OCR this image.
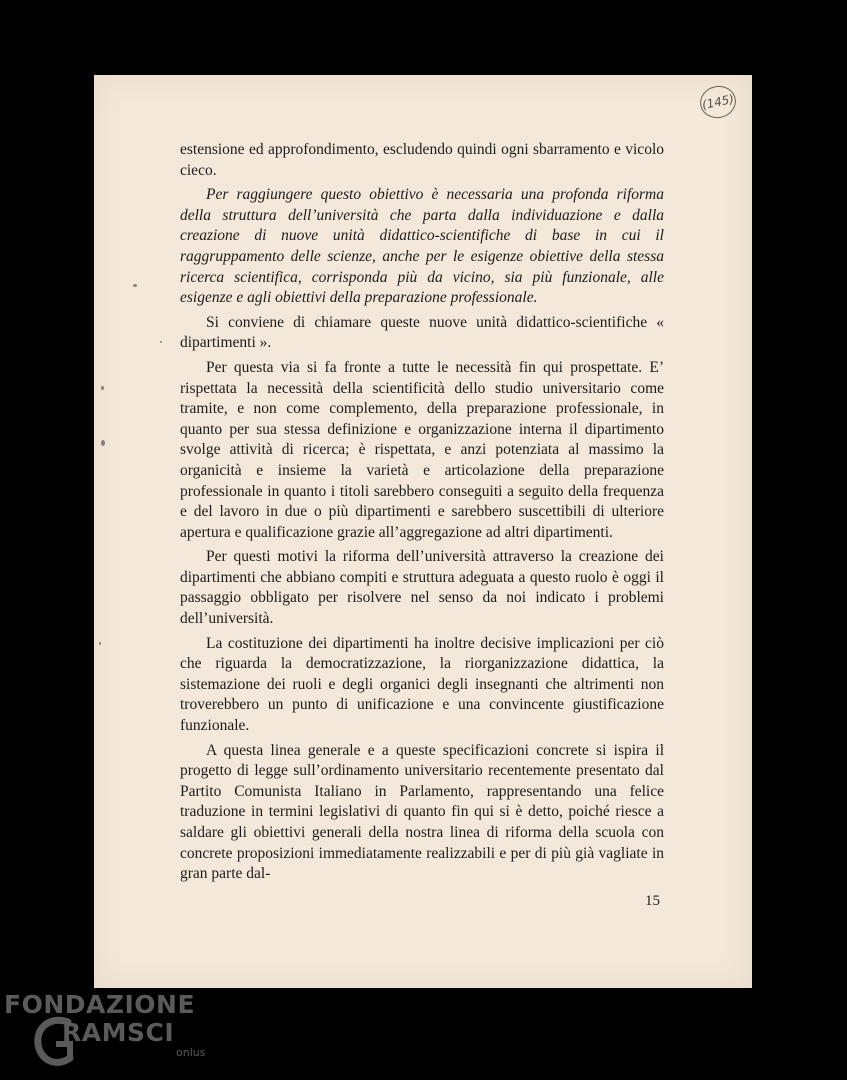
(145)

estensione ed approfondimento, escludendo quindi ogni sbarramento e vicolo cieco.

Per raggiungere questo obiettivo è necessaria una profonda riforma della struttura dell’università che parta dalla individuazione e dalla creazione di nuove unità didattico-scientifiche di base in cui il raggruppamento delle scienze, anche per le esigenze obiettive della stessa ricerca scientifica, corrisponda più da vicino, sia più funzionale, alle esigenze e agli obiettivi della preparazione professionale.

Si conviene di chiamare queste nuove unità didattico-scientifiche « dipartimenti ».

Per questa via si fa fronte a tutte le necessità fin qui prospettate. E’ rispettata la necessità della scientificità dello studio universitario come tramite, e non come complemento, della preparazione professionale, in quanto per sua stessa definizione e organizzazione interna il dipartimento svolge attività di ricerca; è rispettata, e anzi potenziata al massimo la organicità e insieme la varietà e articolazione della preparazione professionale in quanto i titoli sarebbero conseguiti a seguito della frequenza e del lavoro in due o più dipartimenti e sarebbero suscettibili di ulteriore apertura e qualificazione grazie all’aggregazione ad altri dipartimenti.

Per questi motivi la riforma dell’università attraverso la creazione dei dipartimenti che abbiano compiti e struttura adeguata a questo ruolo è oggi il passaggio obbligato per risolvere nel senso da noi indicato i problemi dell’università.

La costituzione dei dipartimenti ha inoltre decisive implicazioni per ciò che riguarda la democratizzazione, la riorganizzazione didattica, la sistemazione dei ruoli e degli organici degli insegnanti che altrimenti non troverebbero un punto di unificazione e una convincente giustificazione funzionale.

A questa linea generale e a queste specificazioni concrete si ispira il progetto di legge sull’ordinamento universitario recentemente presentato dal Partito Comunista Italiano in Parlamento, rappresentando una felice traduzione in termini legislativi di quanto fin qui si è detto, poiché riesce a saldare gli obiettivi generali della nostra linea di riforma della scuola con concrete proposizioni immediatamente realizzabili e per di più già vagliate in gran parte dal-

15
FONDAZIONE
RAMSCI
onlus
